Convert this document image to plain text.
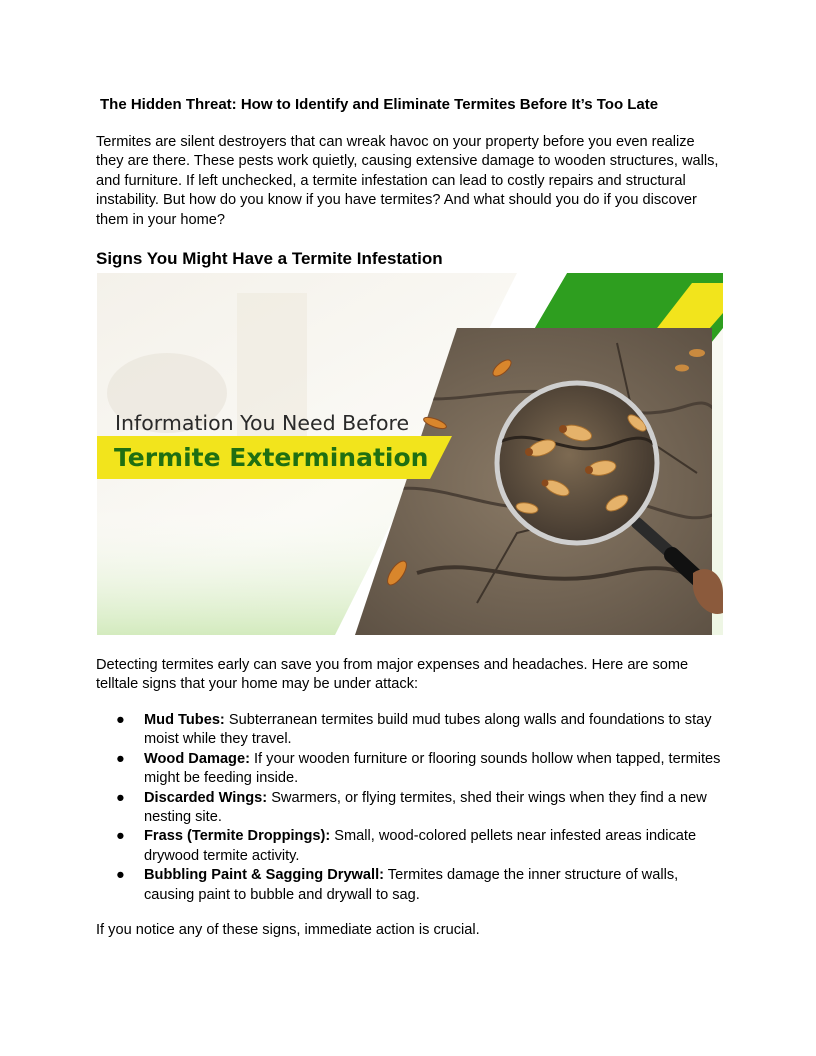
The Hidden Threat: How to Identify and Eliminate Termites Before It’s Too Late

Termites are silent destroyers that can wreak havoc on your property before you even realize they are there. These pests work quietly, causing extensive damage to wooden structures, walls, and furniture. If left unchecked, a termite infestation can lead to costly repairs and structural instability. But how do you know if you have termites? And what should you do if you discover them in your home?

Signs You Might Have a Termite Infestation
Information You Need Before
Termite Extermination

Detecting termites early can save you from major expenses and headaches. Here are some telltale signs that your home may be under attack:

● Mud Tubes: Subterranean termites build mud tubes along walls and foundations to stay moist while they travel.
● Wood Damage: If your wooden furniture or flooring sounds hollow when tapped, termites might be feeding inside.
● Discarded Wings: Swarmers, or flying termites, shed their wings when they find a new nesting site.
● Frass (Termite Droppings): Small, wood-colored pellets near infested areas indicate drywood termite activity.
● Bubbling Paint & Sagging Drywall: Termites damage the inner structure of walls, causing paint to bubble and drywall to sag.

If you notice any of these signs, immediate action is crucial.
